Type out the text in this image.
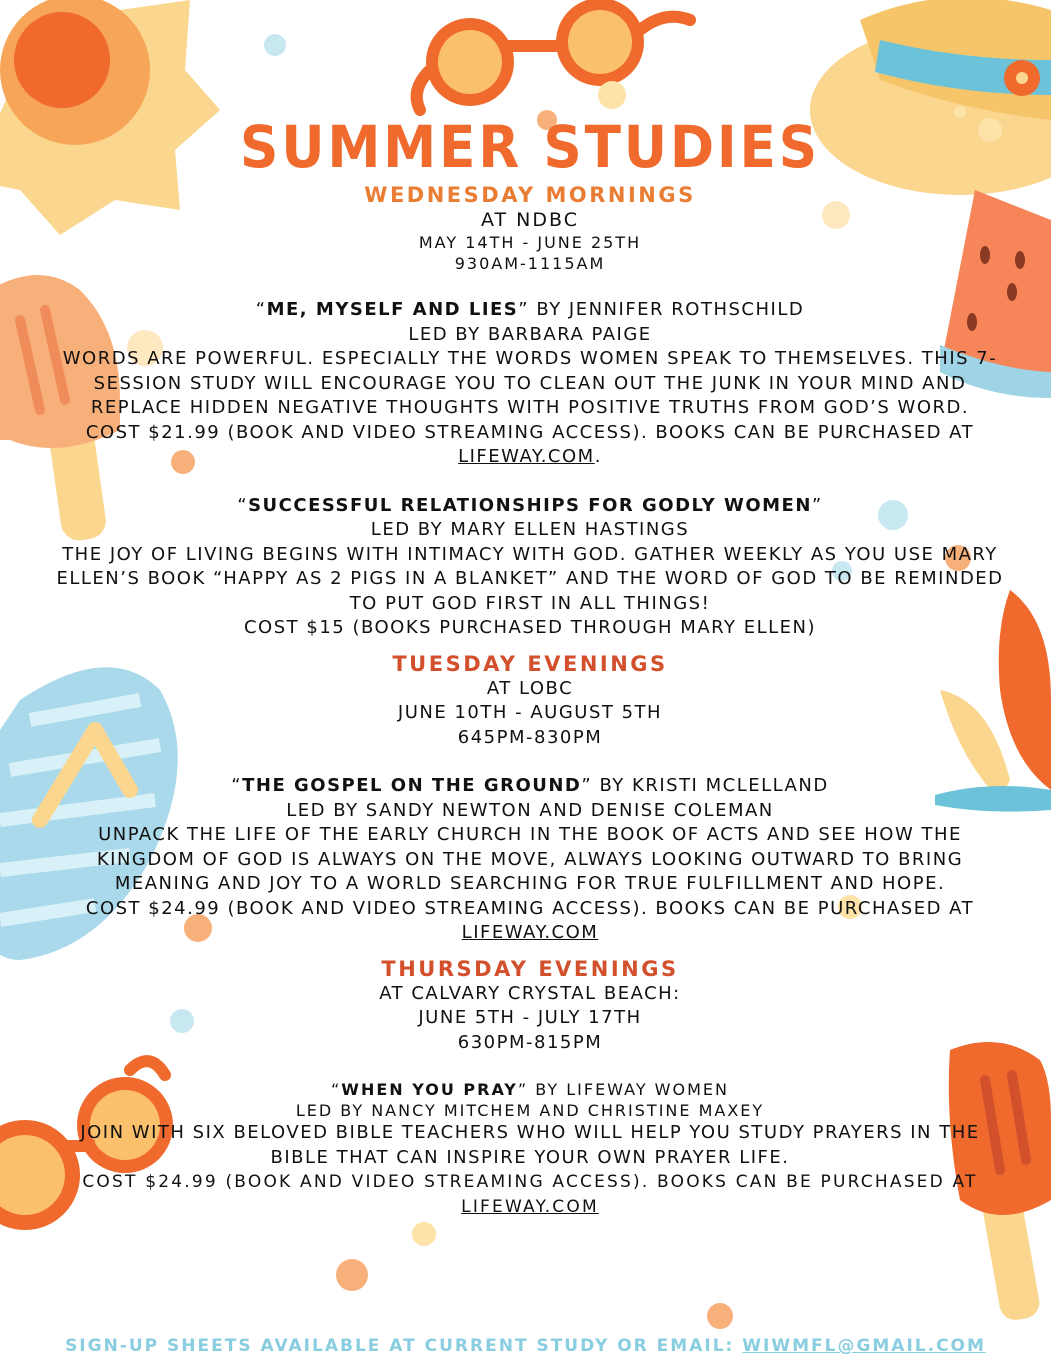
SUMMER STUDIES
WEDNESDAY MORNINGS
AT NDBC
MAY 14TH - JUNE 25TH
930AM-1115AM
“ME, MYSELF AND LIES” BY JENNIFER ROTHSCHILD
LED BY BARBARA PAIGE
WORDS ARE POWERFUL. ESPECIALLY THE WORDS WOMEN SPEAK TO THEMSELVES. THIS 7-SESSION STUDY WILL ENCOURAGE YOU TO CLEAN OUT THE JUNK IN YOUR MIND AND REPLACE HIDDEN NEGATIVE THOUGHTS WITH POSITIVE TRUTHS FROM GOD’S WORD.
COST $21.99 (BOOK AND VIDEO STREAMING ACCESS). BOOKS CAN BE PURCHASED AT LIFEWAY.COM.
“SUCCESSFUL RELATIONSHIPS FOR GODLY WOMEN”
LED BY MARY ELLEN HASTINGS
THE JOY OF LIVING BEGINS WITH INTIMACY WITH GOD. GATHER WEEKLY AS YOU USE MARY ELLEN’S BOOK “HAPPY AS 2 PIGS IN A BLANKET” AND THE WORD OF GOD TO BE REMINDED TO PUT GOD FIRST IN ALL THINGS!
COST $15 (BOOKS PURCHASED THROUGH MARY ELLEN)
TUESDAY EVENINGS
AT LOBC
JUNE 10TH - AUGUST 5TH
645PM-830PM
“THE GOSPEL ON THE GROUND” BY KRISTI MCLELLAND
LED BY SANDY NEWTON AND DENISE COLEMAN
UNPACK THE LIFE OF THE EARLY CHURCH IN THE BOOK OF ACTS AND SEE HOW THE KINGDOM OF GOD IS ALWAYS ON THE MOVE, ALWAYS LOOKING OUTWARD TO BRING MEANING AND JOY TO A WORLD SEARCHING FOR TRUE FULFILLMENT AND HOPE.
COST $24.99 (BOOK AND VIDEO STREAMING ACCESS). BOOKS CAN BE PURCHASED AT LIFEWAY.COM
THURSDAY EVENINGS
AT CALVARY CRYSTAL BEACH:
JUNE 5TH - JULY 17TH
630PM-815PM
“WHEN YOU PRAY” BY LIFEWAY WOMEN
LED BY NANCY MITCHEM AND CHRISTINE MAXEY
JOIN WITH SIX BELOVED BIBLE TEACHERS WHO WILL HELP YOU STUDY PRAYERS IN THE BIBLE THAT CAN INSPIRE YOUR OWN PRAYER LIFE.
COST $24.99 (BOOK AND VIDEO STREAMING ACCESS). BOOKS CAN BE PURCHASED AT LIFEWAY.COM
SIGN-UP SHEETS AVAILABLE AT CURRENT STUDY OR EMAIL: WIWMFL@GMAIL.COM
